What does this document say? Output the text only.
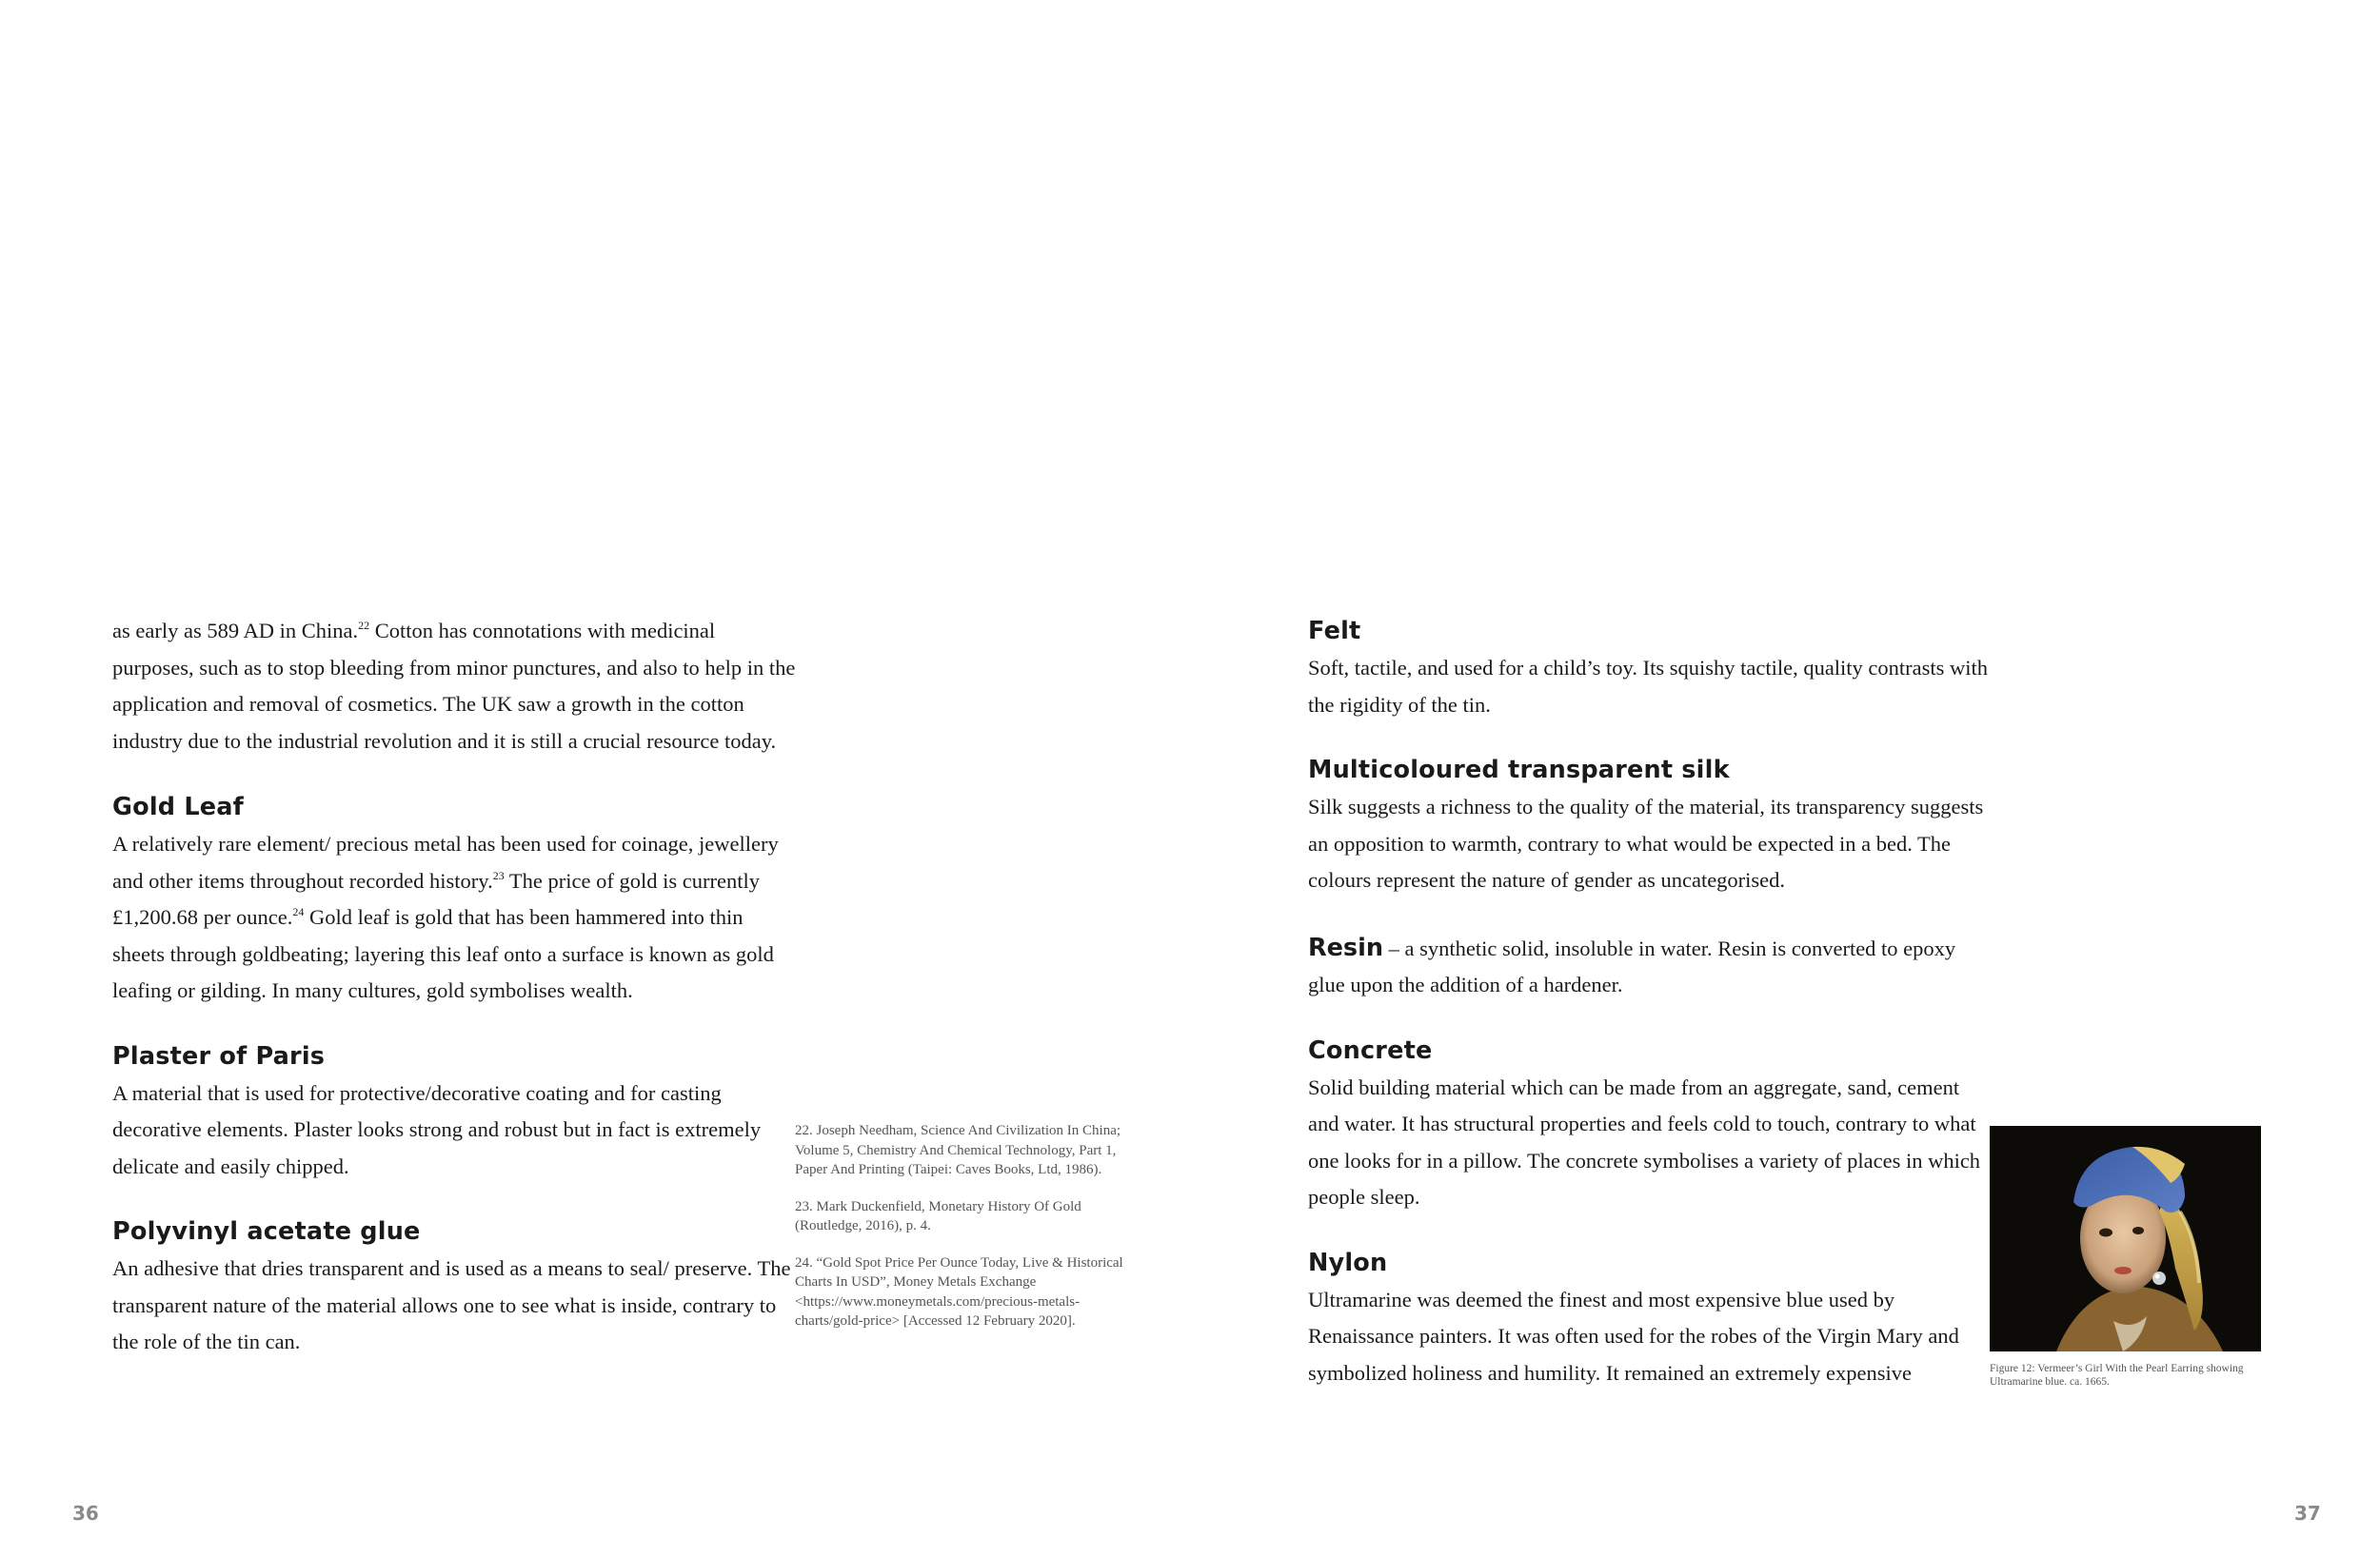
as early as 589 AD in China.$^{22}$ Cotton has connotations with medicinal purposes, such as to stop bleeding from minor punctures, and also to help in the application and removal of cosmetics. The UK saw a growth in the cotton industry due to the industrial revolution and it is still a crucial resource today.

Gold Leaf

A relatively rare element/ precious metal has been used for coinage, jewellery and other items throughout recorded history.$^{23}$ The price of gold is currently £1,200.68 per ounce.$^{24}$ Gold leaf is gold that has been hammered into thin sheets through goldbeating; layering this leaf onto a surface is known as gold leafing or gilding. In many cultures, gold symbolises wealth.

Plaster of Paris

A material that is used for protective/decorative coating and for casting decorative elements. Plaster looks strong and robust but in fact is extremely delicate and easily chipped.

Polyvinyl acetate glue

An adhesive that dries transparent and is used as a means to seal/ preserve. The transparent nature of the material allows one to see what is inside, contrary to the role of the tin can.

22. Joseph Needham, Science And Civilization In China; Volume 5, Chemistry And Chemical Technology, Part 1, Paper And Printing (Taipei: Caves Books, Ltd, 1986).

23. Mark Duckenfield, Monetary History Of Gold (Routledge, 2016), p. 4.

24. “Gold Spot Price Per Ounce Today, Live & Historical Charts In USD”, Money Metals Exchange <https://www.moneymetals.com/precious-metals-charts/gold-price> [Accessed 12 February 2020].

36
Felt

Soft, tactile, and used for a child’s toy. Its squishy tactile, quality contrasts with the rigidity of the tin.

Multicoloured transparent silk

Silk suggests a richness to the quality of the material, its transparency suggests an opposition to warmth, contrary to what would be expected in a bed. The colours represent the nature of gender as uncategorised.

Resin – a synthetic solid, insoluble in water. Resin is converted to epoxy glue upon the addition of a hardener.

Concrete

Solid building material which can be made from an aggregate, sand, cement and water. It has structural properties and feels cold to touch, contrary to what one looks for in a pillow. The concrete symbolises a variety of places in which people sleep.

Nylon

Ultramarine was deemed the finest and most expensive blue used by Renaissance painters. It was often used for the robes of the Virgin Mary and symbolized holiness and humility. It remained an extremely expensive	Figure 12: Vermeer’s Girl With the Pearl Earring showing Ultramarine blue. ca. 1665.
37
